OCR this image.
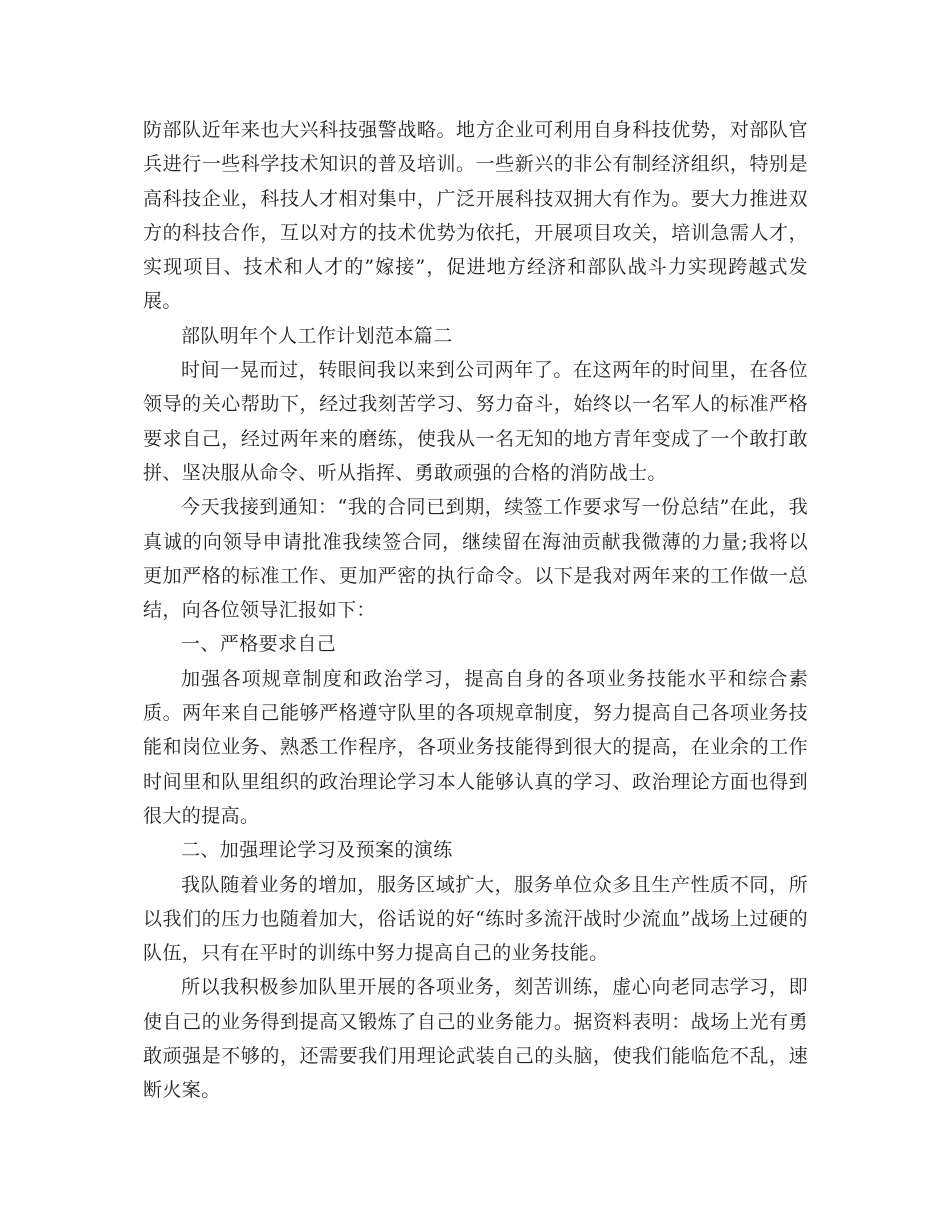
防部队近年来也大兴科技强警战略。地方企业可利用自身科技优势，对部队官兵进行一些科学技术知识的普及培训。一些新兴的非公有制经济组织，特别是高科技企业，科技人才相对集中，广泛开展科技双拥大有作为。要大力推进双方的科技合作，互以对方的技术优势为依托，开展项目攻关，培训急需人才，实现项目、技术和人才的”嫁接”，促进地方经济和部队战斗力实现跨越式发展。

部队明年个人工作计划范本篇二

时间一晃而过，转眼间我以来到公司两年了。在这两年的时间里，在各位领导的关心帮助下，经过我刻苦学习、努力奋斗，始终以一名军人的标准严格要求自己，经过两年来的磨练，使我从一名无知的地方青年变成了一个敢打敢拼、坚决服从命令、听从指挥、勇敢顽强的合格的消防战士。

今天我接到通知：“我的合同已到期，续签工作要求写一份总结”在此，我真诚的向领导申请批准我续签合同，继续留在海油贡献我微薄的力量;我将以更加严格的标准工作、更加严密的执行命令。以下是我对两年来的工作做一总结，向各位领导汇报如下：

一、严格要求自己

加强各项规章制度和政治学习，提高自身的各项业务技能水平和综合素质。两年来自己能够严格遵守队里的各项规章制度，努力提高自己各项业务技能和岗位业务、熟悉工作程序，各项业务技能得到很大的提高，在业余的工作时间里和队里组织的政治理论学习本人能够认真的学习、政治理论方面也得到很大的提高。

二、加强理论学习及预案的演练

我队随着业务的增加，服务区域扩大，服务单位众多且生产性质不同，所以我们的压力也随着加大，俗话说的好“练时多流汗战时少流血”战场上过硬的队伍，只有在平时的训练中努力提高自己的业务技能。

所以我积极参加队里开展的各项业务，刻苦训练，虚心向老同志学习，即使自己的业务得到提高又锻炼了自己的业务能力。据资料表明：战场上光有勇敢顽强是不够的，还需要我们用理论武装自己的头脑，使我们能临危不乱，速断火案。
